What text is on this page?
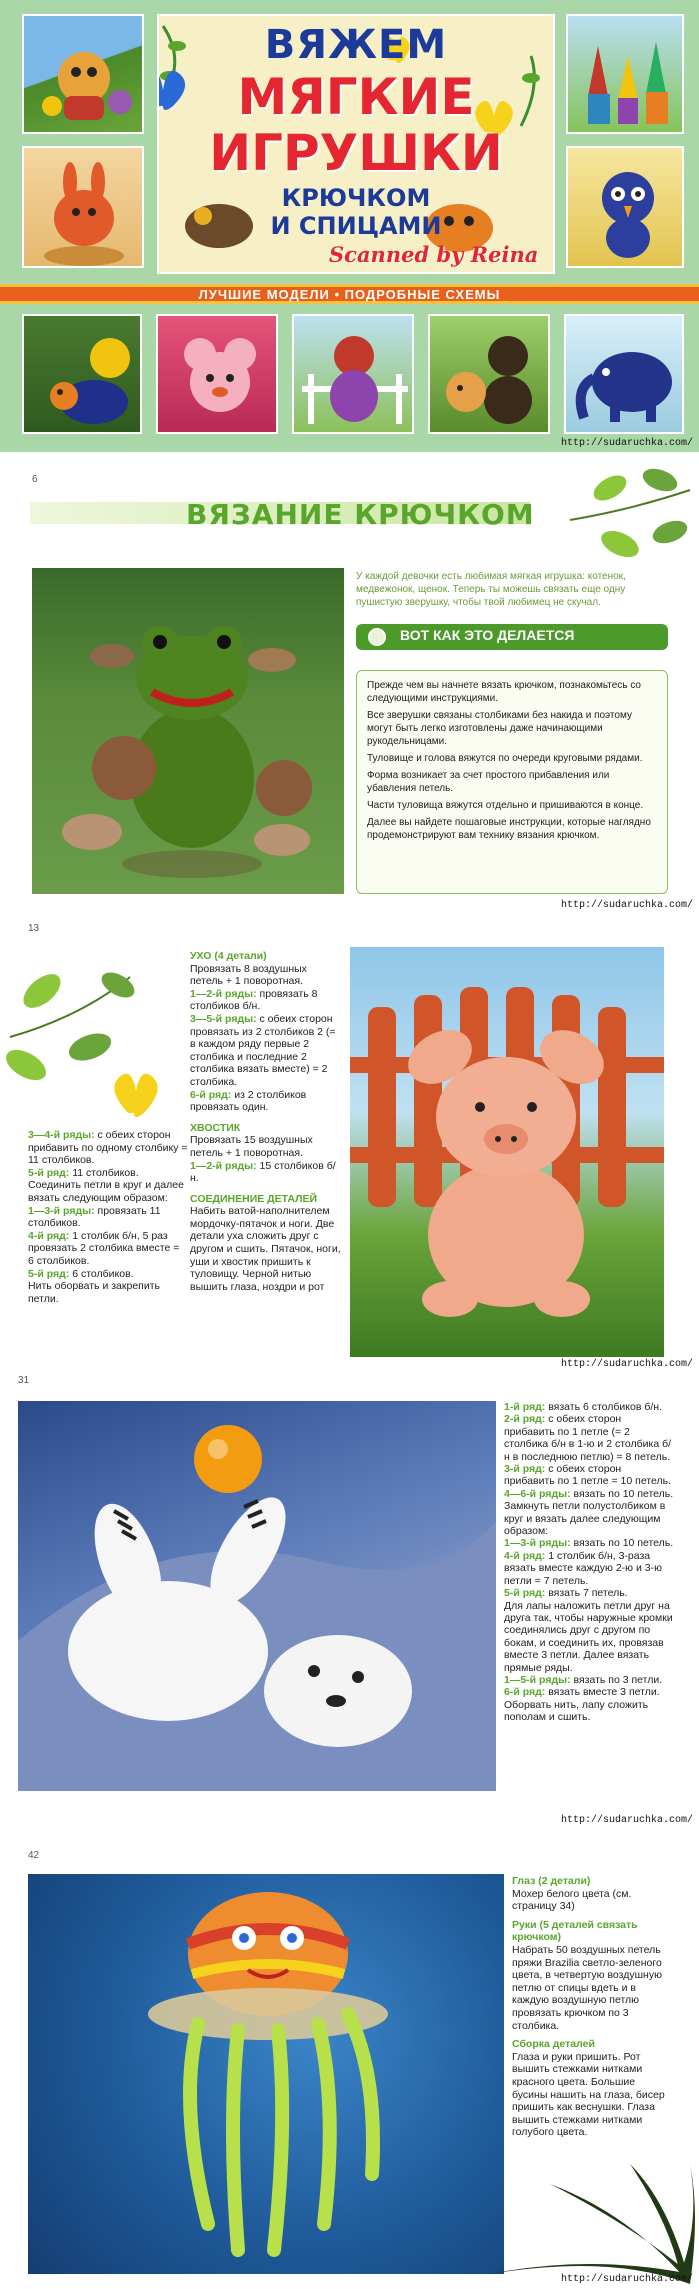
ВЯЖЕМ
МЯГКИЕ
ИГРУШКИ
КРЮЧКОМ
И СПИЦАМИ
Scanned by Reina
ЛУЧШИЕ МОДЕЛИ • ПОДРОБНЫЕ СХЕМЫ
http://sudaruchka.com/
6
ВЯЗАНИЕ КРЮЧКОМ
У каждой девочки есть любимая мягкая игрушка: котенок, медвежонок, щенок. Теперь ты можешь связать еще одну пушистую зверушку, чтобы твой любимец не скучал.
ВОТ КАК ЭТО ДЕЛАЕТСЯ

Прежде чем вы начнете вязать крючком, познакомьтесь со следующими инструкциями.

Все зверушки связаны столбиками без накида и поэтому могут быть легко изготовлены даже начинающими рукодельницами.

Туловище и голова вяжутся по очереди круговыми рядами.

Форма возникает за счет простого прибавления или убавления петель.

Части туловища вяжутся отдельно и пришиваются в конце.

Далее вы найдете пошаговые инструкции, которые наглядно продемонстрируют вам технику вязания крючком.

http://sudaruchka.com/
13
3—4-й ряды: с обеих сторон прибавить по одному столбику = 11 столбиков.
5-й ряд: 11 столбиков.
Соединить петли в круг и далее вязать следующим образом:
1—3-й ряды: провязать 11 столбиков.
4-й ряд: 1 столбик б/н, 5 раз провязать 2 столбика вместе = 6 столбиков.
5-й ряд: 6 столбиков.
Нить оборвать и закрепить петли.
УХО (4 детали)
Провязать 8 воздушных петель + 1 поворотная.
1—2-й ряды: провязать 8 столбиков б/н.
3—5-й ряды: с обеих сторон провязать из 2 столбиков 2 (= в каждом ряду первые 2 столбика и последние 2 столбика вязать вместе) = 2 столбика.
6-й ряд: из 2 столбиков провязать один.
ХВОСТИК
Провязать 15 воздушных петель + 1 поворотная.
1—2-й ряды: 15 столбиков б/н.
СОЕДИНЕНИЕ ДЕТАЛЕЙ
Набить ватой-наполнителем мордочку-пятачок и ноги. Две детали уха сложить друг с другом и сшить. Пятачок, ноги, уши и хвостик пришить к туловищу. Черной нитью вышить глаза, ноздри и рот
http://sudaruchka.com/
31
1-й ряд: вязать 6 столбиков б/н.
2-й ряд: с обеих сторон прибавить по 1 петле (= 2 столбика б/н в 1-ю и 2 столбика б/н в последнюю петлю) = 8 петель.
3-й ряд: с обеих сторон прибавить по 1 петле = 10 петель.
4—6-й ряды: вязать по 10 петель.
Замкнуть петли полустолбиком в круг и вязать далее следующим образом:
1—3-й ряды: вязать по 10 петель.
4-й ряд: 1 столбик б/н, 3-раза вязать вместе каждую 2-ю и 3-ю петли = 7 петель.
5-й ряд: вязать 7 петель.
Для лапы наложить петли друг на друга так, чтобы наружные кромки соединялись друг с другом по бокам, и соединить их, провязав вместе 3 петли. Далее вязать прямые ряды.
1—5-й ряды: вязать по 3 петли.
6-й ряд: вязать вместе 3 петли.
Оборвать нить, лапу сложить пополам и сшить.
http://sudaruchka.com/
42
Глаз (2 детали)
Мохер белого цвета (см. страницу 34)
Руки (5 деталей связать крючком)
Набрать 50 воздушных петель пряжи Brazilia светло-зеленого цвета, в четвертую воздушную петлю от спицы вдеть и в каждую воздушную петлю провязать крючком по 3 столбика.
Сборка деталей
Глаза и руки пришить. Рот вышить стежками нитками красного цвета. Большие бусины нашить на глаза, бисер пришить как веснушки. Глаза вышить стежками нитками голубого цвета.
http://sudaruchka.com/
